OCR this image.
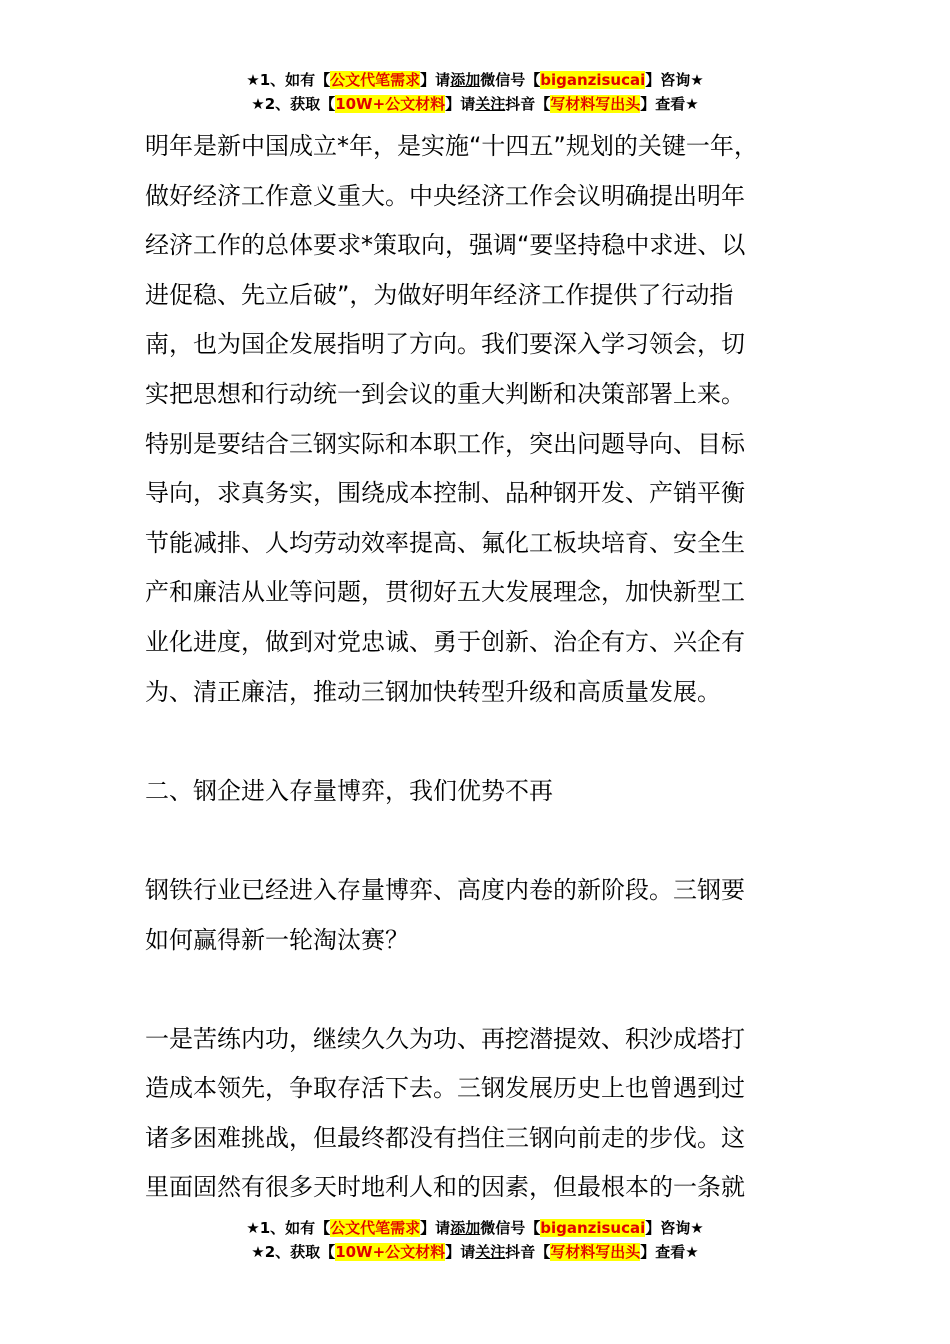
★1、如有【公文代笔需求】请添加微信号【biganzisucai】咨询★
★2、获取【10W+公文材料】请关注抖音【写材料写出头】查看★

明年是新中国成立*年，是实施“十四五”规划的关键一年，
做好经济工作意义重大。中央经济工作会议明确提出明年
经济工作的总体要求*策取向，强调“要坚持稳中求进、以
进促稳、先立后破”，为做好明年经济工作提供了行动指
南，也为国企发展指明了方向。我们要深入学习领会，切
实把思想和行动统一到会议的重大判断和决策部署上来。
特别是要结合三钢实际和本职工作，突出问题导向、目标
导向，求真务实，围绕成本控制、品种钢开发、产销平衡
节能减排、人均劳动效率提高、氟化工板块培育、安全生
产和廉洁从业等问题，贯彻好五大发展理念，加快新型工
业化进度，做到对党忠诚、勇于创新、治企有方、兴企有
为、清正廉洁，推动三钢加快转型升级和高质量发展。

二、钢企进入存量博弈，我们优势不再

钢铁行业已经进入存量博弈、高度内卷的新阶段。三钢要
如何赢得新一轮淘汰赛？

一是苦练内功，继续久久为功、再挖潜提效、积沙成塔打
造成本领先，争取存活下去。三钢发展历史上也曾遇到过
诸多困难挑战，但最终都没有挡住三钢向前走的步伐。这
里面固然有很多天时地利人和的因素，但最根本的一条就

★1、如有【公文代笔需求】请添加微信号【biganzisucai】咨询★
★2、获取【10W+公文材料】请关注抖音【写材料写出头】查看★
